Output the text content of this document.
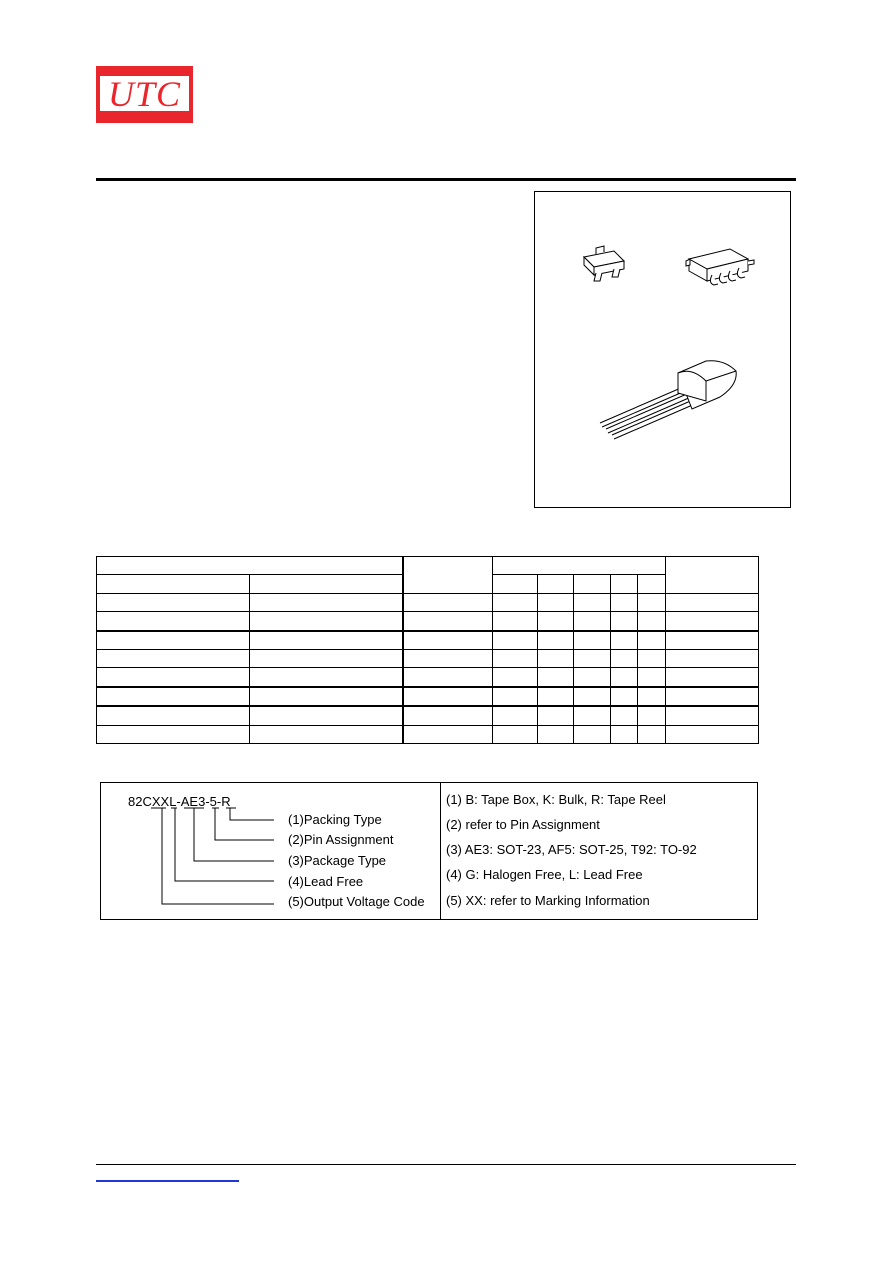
UTC

82CXXL-AE3-5-R
(1)Packing Type
(2)Pin Assignment
(3)Package Type
(4)Lead Free
(5)Output Voltage Code
(1) B: Tape Box, K: Bulk, R: Tape Reel
(2) refer to Pin Assignment
(3) AE3: SOT-23, AF5: SOT-25, T92: TO-92
(4) G: Halogen Free, L: Lead Free
(5) XX: refer to Marking Information
